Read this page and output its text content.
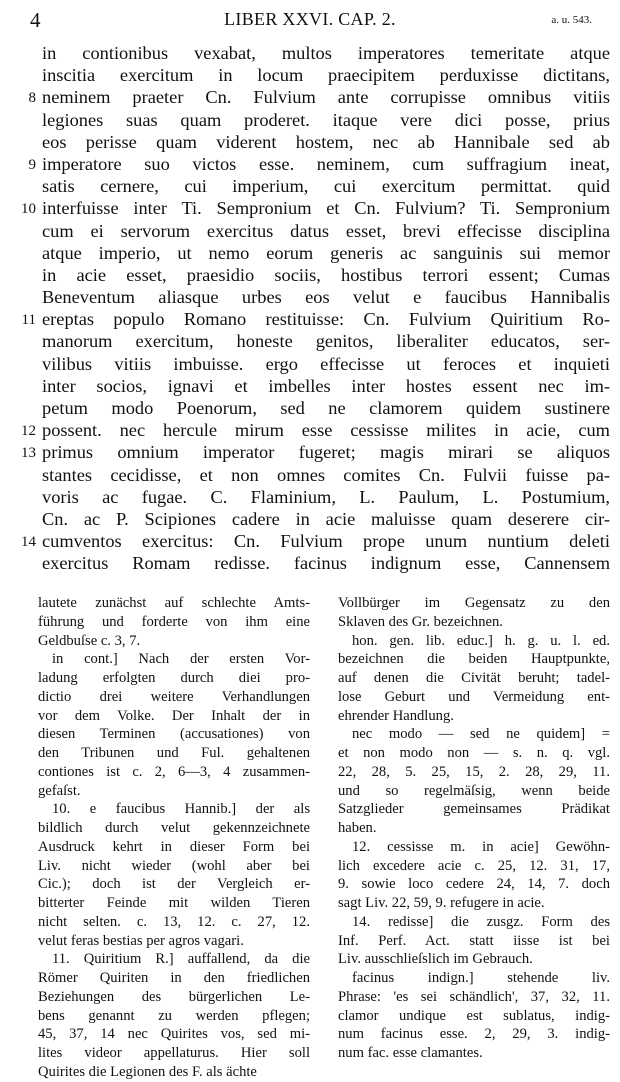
4	LIBER XXVI. CAP. 2.	a. u. 543.
in contionibus vexabat, multos imperatores temeritate atque
inscitia exercitum in locum praecipitem perduxisse dictitans,
8 neminem praeter Cn. Fulvium ante corrupisse omnibus vitiis
legiones suas quam proderet. itaque vere dici posse, prius
eos perisse quam viderent hostem, nec ab Hannibale sed ab
9 imperatore suo victos esse. neminem, cum suffragium ineat,
satis cernere, cui imperium, cui exercitum permittat. quid
10 interfuisse inter Ti. Sempronium et Cn. Fulvium? Ti. Sempronium
cum ei servorum exercitus datus esset, brevi effecisse disciplina
atque imperio, ut nemo eorum generis ac sanguinis sui memor
in acie esset, praesidio sociis, hostibus terrori essent; Cumas
Beneventum aliasque urbes eos velut e faucibus Hannibalis
11 ereptas populo Romano restituisse: Cn. Fulvium Quiritium Ro-
manorum exercitum, honeste genitos, liberaliter educatos, ser-
vilibus vitiis imbuisse. ergo effecisse ut feroces et inquieti
inter socios, ignavi et imbelles inter hostes essent nec im-
petum modo Poenorum, sed ne clamorem quidem sustinere
12 possent. nec hercule mirum esse cessisse milites in acie, cum
13 primus omnium imperator fugeret; magis mirari se aliquos
stantes cecidisse, et non omnes comites Cn. Fulvii fuisse pa-
voris ac fugae. C. Flaminium, L. Paulum, L. Postumium,
Cn. ac P. Scipiones cadere in acie maluisse quam deserere cir-
14 cumventos exercitus: Cn. Fulvium prope unum nuntium deleti
exercitus Romam redisse. facinus indignum esse, Cannensem
lautete zunächst auf schlechte Amts-
führung und forderte von ihm eine
Geldbuſse c. 3, 7.
in cont.] Nach der ersten Vor-
ladung erfolgten durch diei pro-
dictio drei weitere Verhandlungen
vor dem Volke. Der Inhalt der in
diesen Terminen (accusationes) von
den Tribunen und Ful. gehaltenen
contiones ist c. 2, 6—3, 4 zusammen-
gefaſst.
10. e faucibus Hannib.] der als
bildlich durch velut gekennzeichnete
Ausdruck kehrt in dieser Form bei
Liv. nicht wieder (wohl aber bei
Cic.); doch ist der Vergleich er-
bitterter Feinde mit wilden Tieren
nicht selten. c. 13, 12. c. 27, 12.
velut feras bestias per agros vagari.
11. Quiritium R.] auffallend, da die
Römer Quiriten in den friedlichen
Beziehungen des bürgerlichen Le-
bens genannt zu werden pflegen;
45, 37, 14 nec Quirites vos, sed mi-
lites videor appellaturus. Hier soll
Quirites die Legionen des F. als ächte
Vollbürger im Gegensatz zu den
Sklaven des Gr. bezeichnen.
hon. gen. lib. educ.] h. g. u. l. ed.
bezeichnen die beiden Hauptpunkte,
auf denen die Civität beruht; tadel-
lose Geburt und Vermeidung ent-
ehrender Handlung.
nec modo — sed ne quidem] =
et non modo non — s. n. q. vgl.
22, 28, 5. 25, 15, 2. 28, 29, 11.
und so regelmäſsig, wenn beide
Satzglieder gemeinsames Prädikat
haben.
12. cessisse m. in acie] Gewöhn-
lich excedere acie c. 25, 12. 31, 17,
9. sowie loco cedere 24, 14, 7. doch
sagt Liv. 22, 59, 9. refugere in acie.
14. redisse] die zusgz. Form des
Inf. Perf. Act. statt iisse ist bei
Liv. ausschlieſslich im Gebrauch.
facinus indign.] stehende liv.
Phrase: 'es sei schändlich', 37, 32, 11.
clamor undique est sublatus, indig-
num facinus esse. 2, 29, 3. indig-
num fac. esse clamantes.
